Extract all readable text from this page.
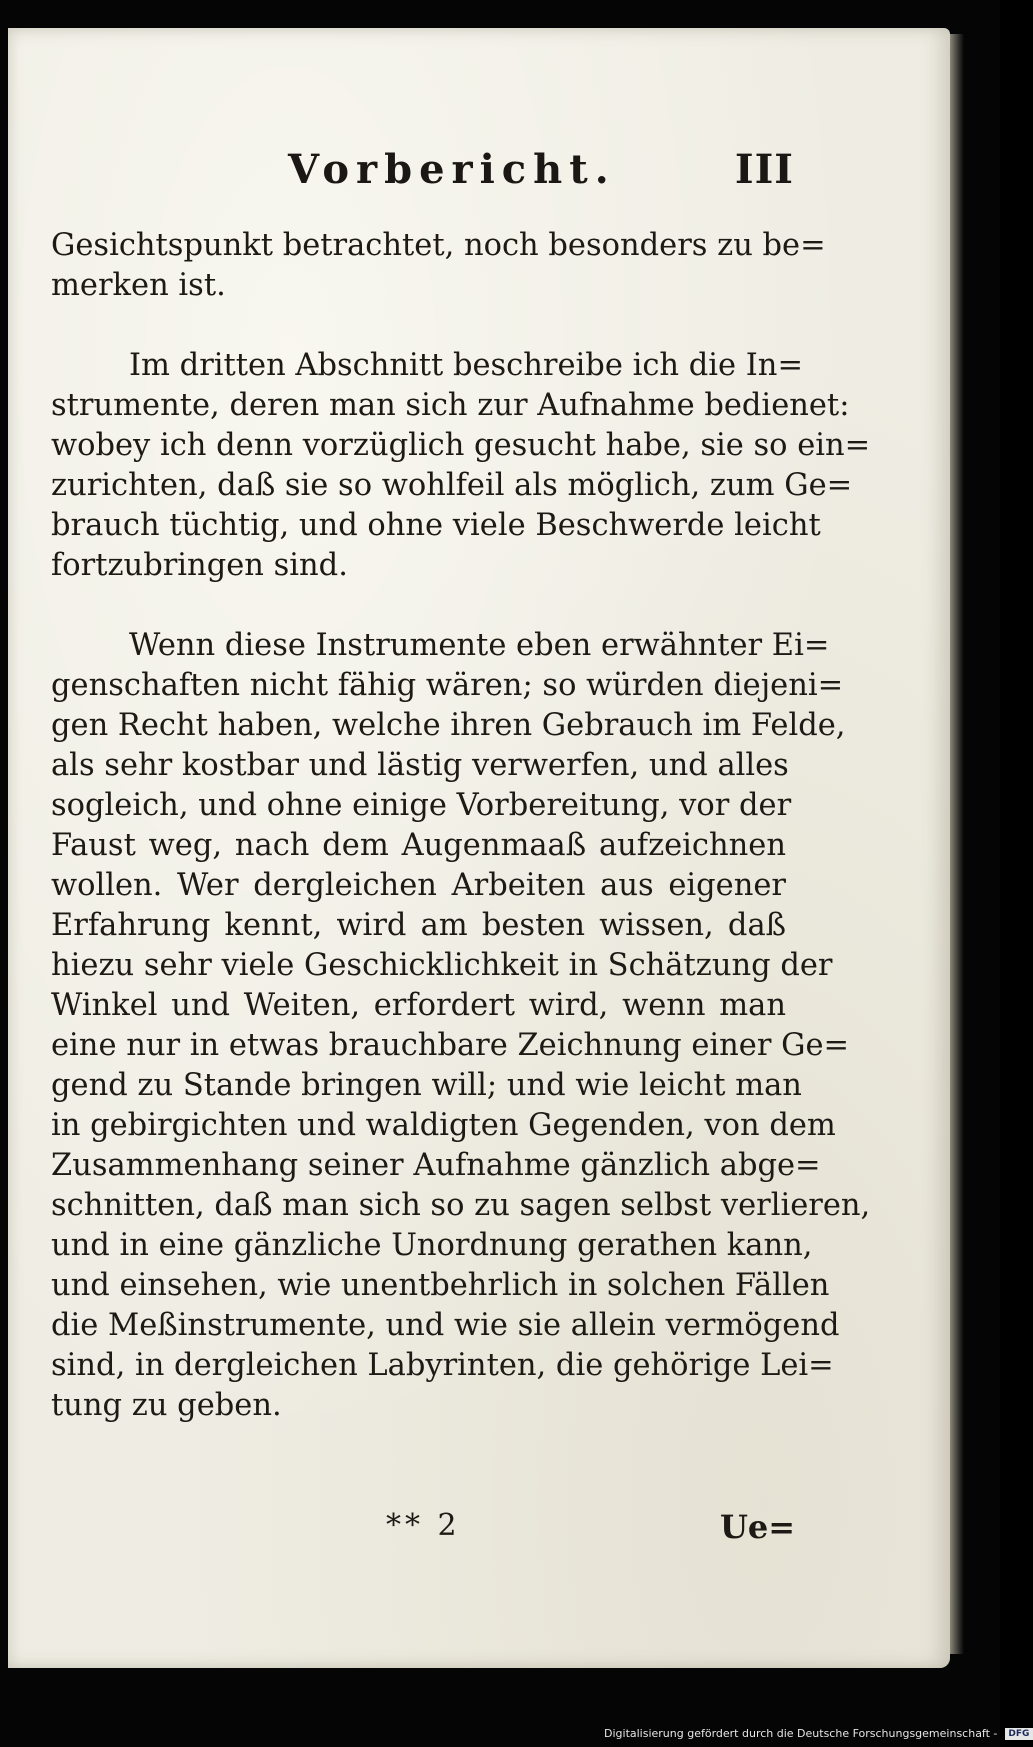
Vorbericht.	III
Gesichtspunkt betrachtet, noch besonders zu be=
merken ist.
Im dritten Abschnitt beschreibe ich die In=
strumente, deren man sich zur Aufnahme bedienet:
wobey ich denn vorzüglich gesucht habe, sie so ein=
zurichten, daß sie so wohlfeil als möglich, zum Ge=
brauch tüchtig, und ohne viele Beschwerde leicht
fortzubringen sind.
Wenn diese Instrumente eben erwähnter Ei=
genschaften nicht fähig wären; so würden diejeni=
gen Recht haben, welche ihren Gebrauch im Felde,
als sehr kostbar und lästig verwerfen, und alles
sogleich, und ohne einige Vorbereitung, vor der
Faust weg, nach dem Augenmaaß aufzeichnen
wollen. Wer dergleichen Arbeiten aus eigener
Erfahrung kennt, wird am besten wissen, daß
hiezu sehr viele Geschicklichkeit in Schätzung der
Winkel und Weiten, erfordert wird, wenn man
eine nur in etwas brauchbare Zeichnung einer Ge=
gend zu Stande bringen will; und wie leicht man
in gebirgichten und waldigten Gegenden, von dem
Zusammenhang seiner Aufnahme gänzlich abge=
schnitten, daß man sich so zu sagen selbst verlieren,
und in eine gänzliche Unordnung gerathen kann,
und einsehen, wie unentbehrlich in solchen Fällen
die Meßinstrumente, und wie sie allein vermögend
sind, in dergleichen Labyrinten, die gehörige Lei=
tung zu geben.
** 2	Ue=
Digitalisierung gefördert durch die Deutsche Forschungsgemeinschaft - DFG
